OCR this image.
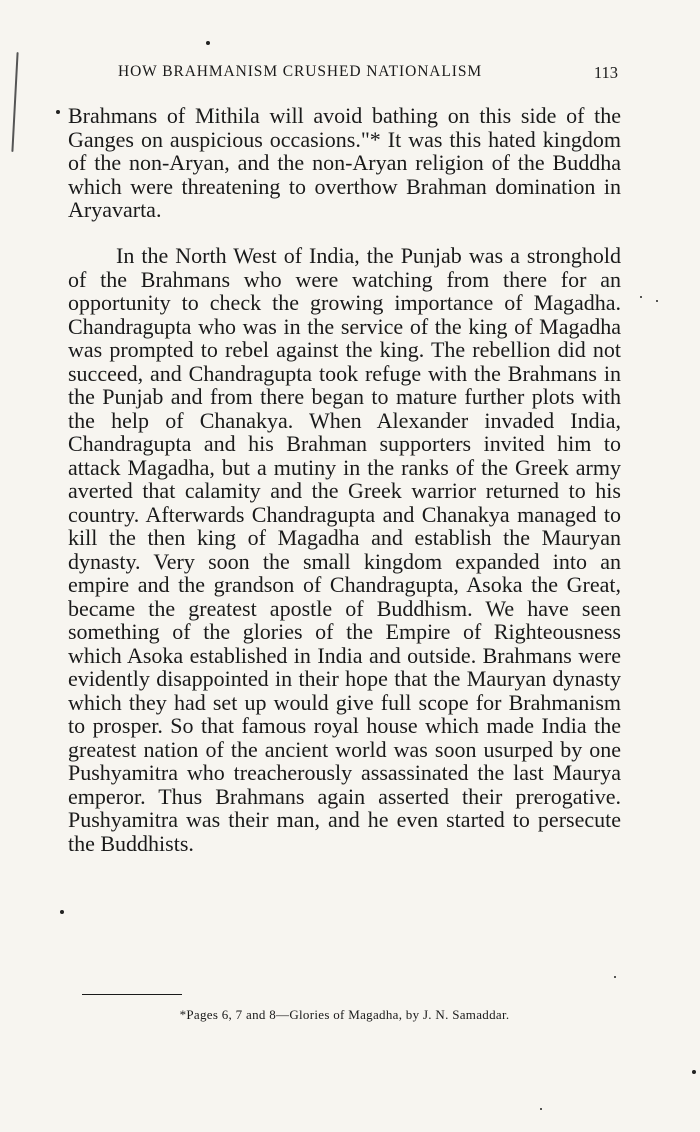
HOW BRAHMANISM CRUSHED NATIONALISM	113

Brahmans of Mithila will avoid bathing on this side of the Ganges on auspicious occasions."* It was this hated kingdom of the non-Aryan, and the non-Aryan religion of the Buddha which were threatening to overthow Brahman domination in Aryavarta.

In the North West of India, the Punjab was a stronghold of the Brahmans who were watching from there for an opportunity to check the growing importance of Magadha. Chandragupta who was in the service of the king of Magadha was prompted to rebel against the king. The rebellion did not succeed, and Chandragupta took refuge with the Brahmans in the Punjab and from there began to mature further plots with the help of Chanakya. When Alexander invaded India, Chandragupta and his Brahman supporters invited him to attack Magadha, but a mutiny in the ranks of the Greek army averted that calamity and the Greek warrior returned to his country. Afterwards Chandragupta and Chanakya managed to kill the then king of Magadha and establish the Mauryan dynasty. Very soon the small kingdom expanded into an empire and the grandson of Chandragupta, Asoka the Great, became the greatest apostle of Buddhism. We have seen something of the glories of the Empire of Righteousness which Asoka established in India and outside. Brahmans were evidently disappointed in their hope that the Mauryan dynasty which they had set up would give full scope for Brahmanism to prosper. So that famous royal house which made India the greatest nation of the ancient world was soon usurped by one Pushyamitra who treacherously assassinated the last Maurya emperor. Thus Brahmans again asserted their prerogative. Pushyamitra was their man, and he even started to persecute the Buddhists.

*Pages 6, 7 and 8—Glories of Magadha, by J. N. Samaddar.
